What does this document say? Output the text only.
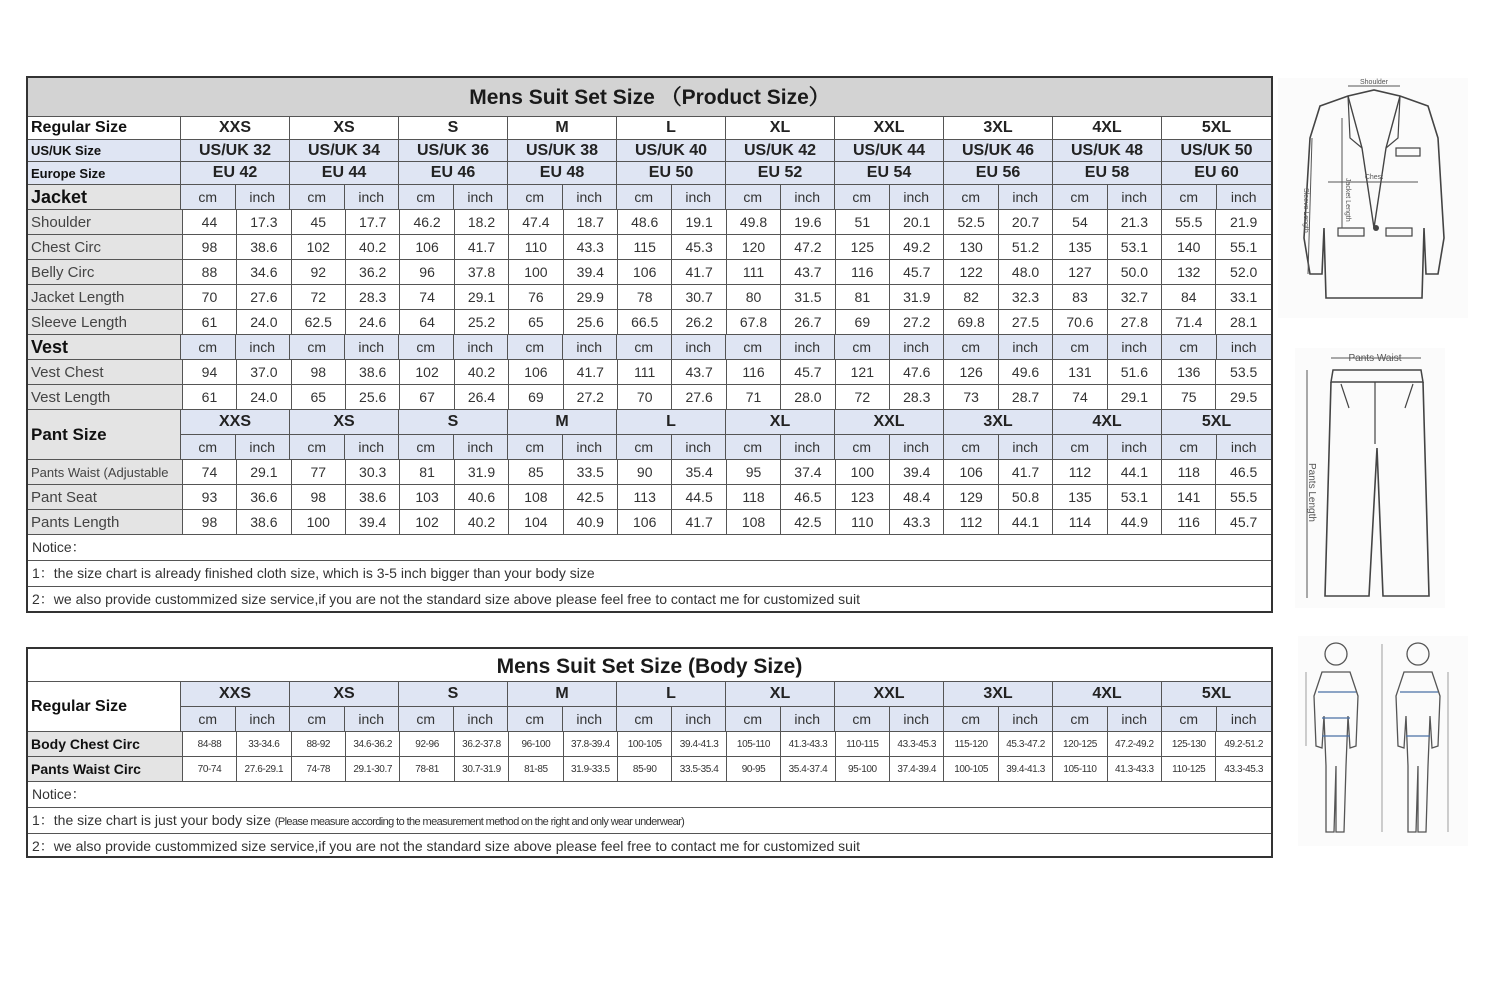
Mens Suit Set Size （Product Size）
Regular Size	XXS	XS	S	M	L	XL	XXL	3XL	4XL	5XL
US/UK Size	US/UK 32	US/UK 34	US/UK 36	US/UK 38	US/UK 40	US/UK 42	US/UK 44	US/UK 46	US/UK 48	US/UK 50
Europe Size	EU 42	EU 44	EU 46	EU 48	EU 50	EU 52	EU 54	EU 56	EU 58	EU 60
Jacket	cm	inch	cm	inch	cm	inch	cm	inch	cm	inch	cm	inch	cm	inch	cm	inch	cm	inch	cm	inch
Shoulder	44	17.3	45	17.7	46.2	18.2	47.4	18.7	48.6	19.1	49.8	19.6	51	20.1	52.5	20.7	54	21.3	55.5	21.9
Chest Circ	98	38.6	102	40.2	106	41.7	110	43.3	115	45.3	120	47.2	125	49.2	130	51.2	135	53.1	140	55.1
Belly Circ	88	34.6	92	36.2	96	37.8	100	39.4	106	41.7	111	43.7	116	45.7	122	48.0	127	50.0	132	52.0
Jacket Length	70	27.6	72	28.3	74	29.1	76	29.9	78	30.7	80	31.5	81	31.9	82	32.3	83	32.7	84	33.1
Sleeve Length	61	24.0	62.5	24.6	64	25.2	65	25.6	66.5	26.2	67.8	26.7	69	27.2	69.8	27.5	70.6	27.8	71.4	28.1
Vest	cm	inch	cm	inch	cm	inch	cm	inch	cm	inch	cm	inch	cm	inch	cm	inch	cm	inch	cm	inch
Vest Chest	94	37.0	98	38.6	102	40.2	106	41.7	111	43.7	116	45.7	121	47.6	126	49.6	131	51.6	136	53.5
Vest Length	61	24.0	65	25.6	67	26.4	69	27.2	70	27.6	71	28.0	72	28.3	73	28.7	74	29.1	75	29.5
Pant Size
XXS	XS	S	M	L	XL	XXL	3XL	4XL	5XL
cm	inch	cm	inch	cm	inch	cm	inch	cm	inch	cm	inch	cm	inch	cm	inch	cm	inch	cm	inch
Pants Waist (Adjustable	74	29.1	77	30.3	81	31.9	85	33.5	90	35.4	95	37.4	100	39.4	106	41.7	112	44.1	118	46.5
Pant Seat	93	36.6	98	38.6	103	40.6	108	42.5	113	44.5	118	46.5	123	48.4	129	50.8	135	53.1	141	55.5
Pants Length	98	38.6	100	39.4	102	40.2	104	40.9	106	41.7	108	42.5	110	43.3	112	44.1	114	44.9	116	45.7
Notice：
1：the size chart is already finished cloth size, which is 3-5 inch bigger than your body size
2：we also provide custommized size service,if you are not the standard size above please feel free to contact me for customized suit
Mens Suit Set Size (Body Size)
Regular Size
XXS	XS	S	M	L	XL	XXL	3XL	4XL	5XL
cm	inch	cm	inch	cm	inch	cm	inch	cm	inch	cm	inch	cm	inch	cm	inch	cm	inch	cm	inch
Body Chest Circ	84-88	33-34.6	88-92	34.6-36.2	92-96	36.2-37.8	96-100	37.8-39.4	100-105	39.4-41.3	105-110	41.3-43.3	110-115	43.3-45.3	115-120	45.3-47.2	120-125	47.2-49.2	125-130	49.2-51.2
Pants Waist Circ	70-74	27.6-29.1	74-78	29.1-30.7	78-81	30.7-31.9	81-85	31.9-33.5	85-90	33.5-35.4	90-95	35.4-37.4	95-100	37.4-39.4	100-105	39.4-41.3	105-110	41.3-43.3	110-125	43.3-45.3
Notice：
1：the size chart is just your body size (Please measure according to the measurement method on the right and only wear underwear)
2：we also provide custommized size service,if you are not the standard size above please feel free to contact me for customized suit
Shoulder
Chest
Sleeve Length	Jacket Length
Pants Waist
Pants Length
